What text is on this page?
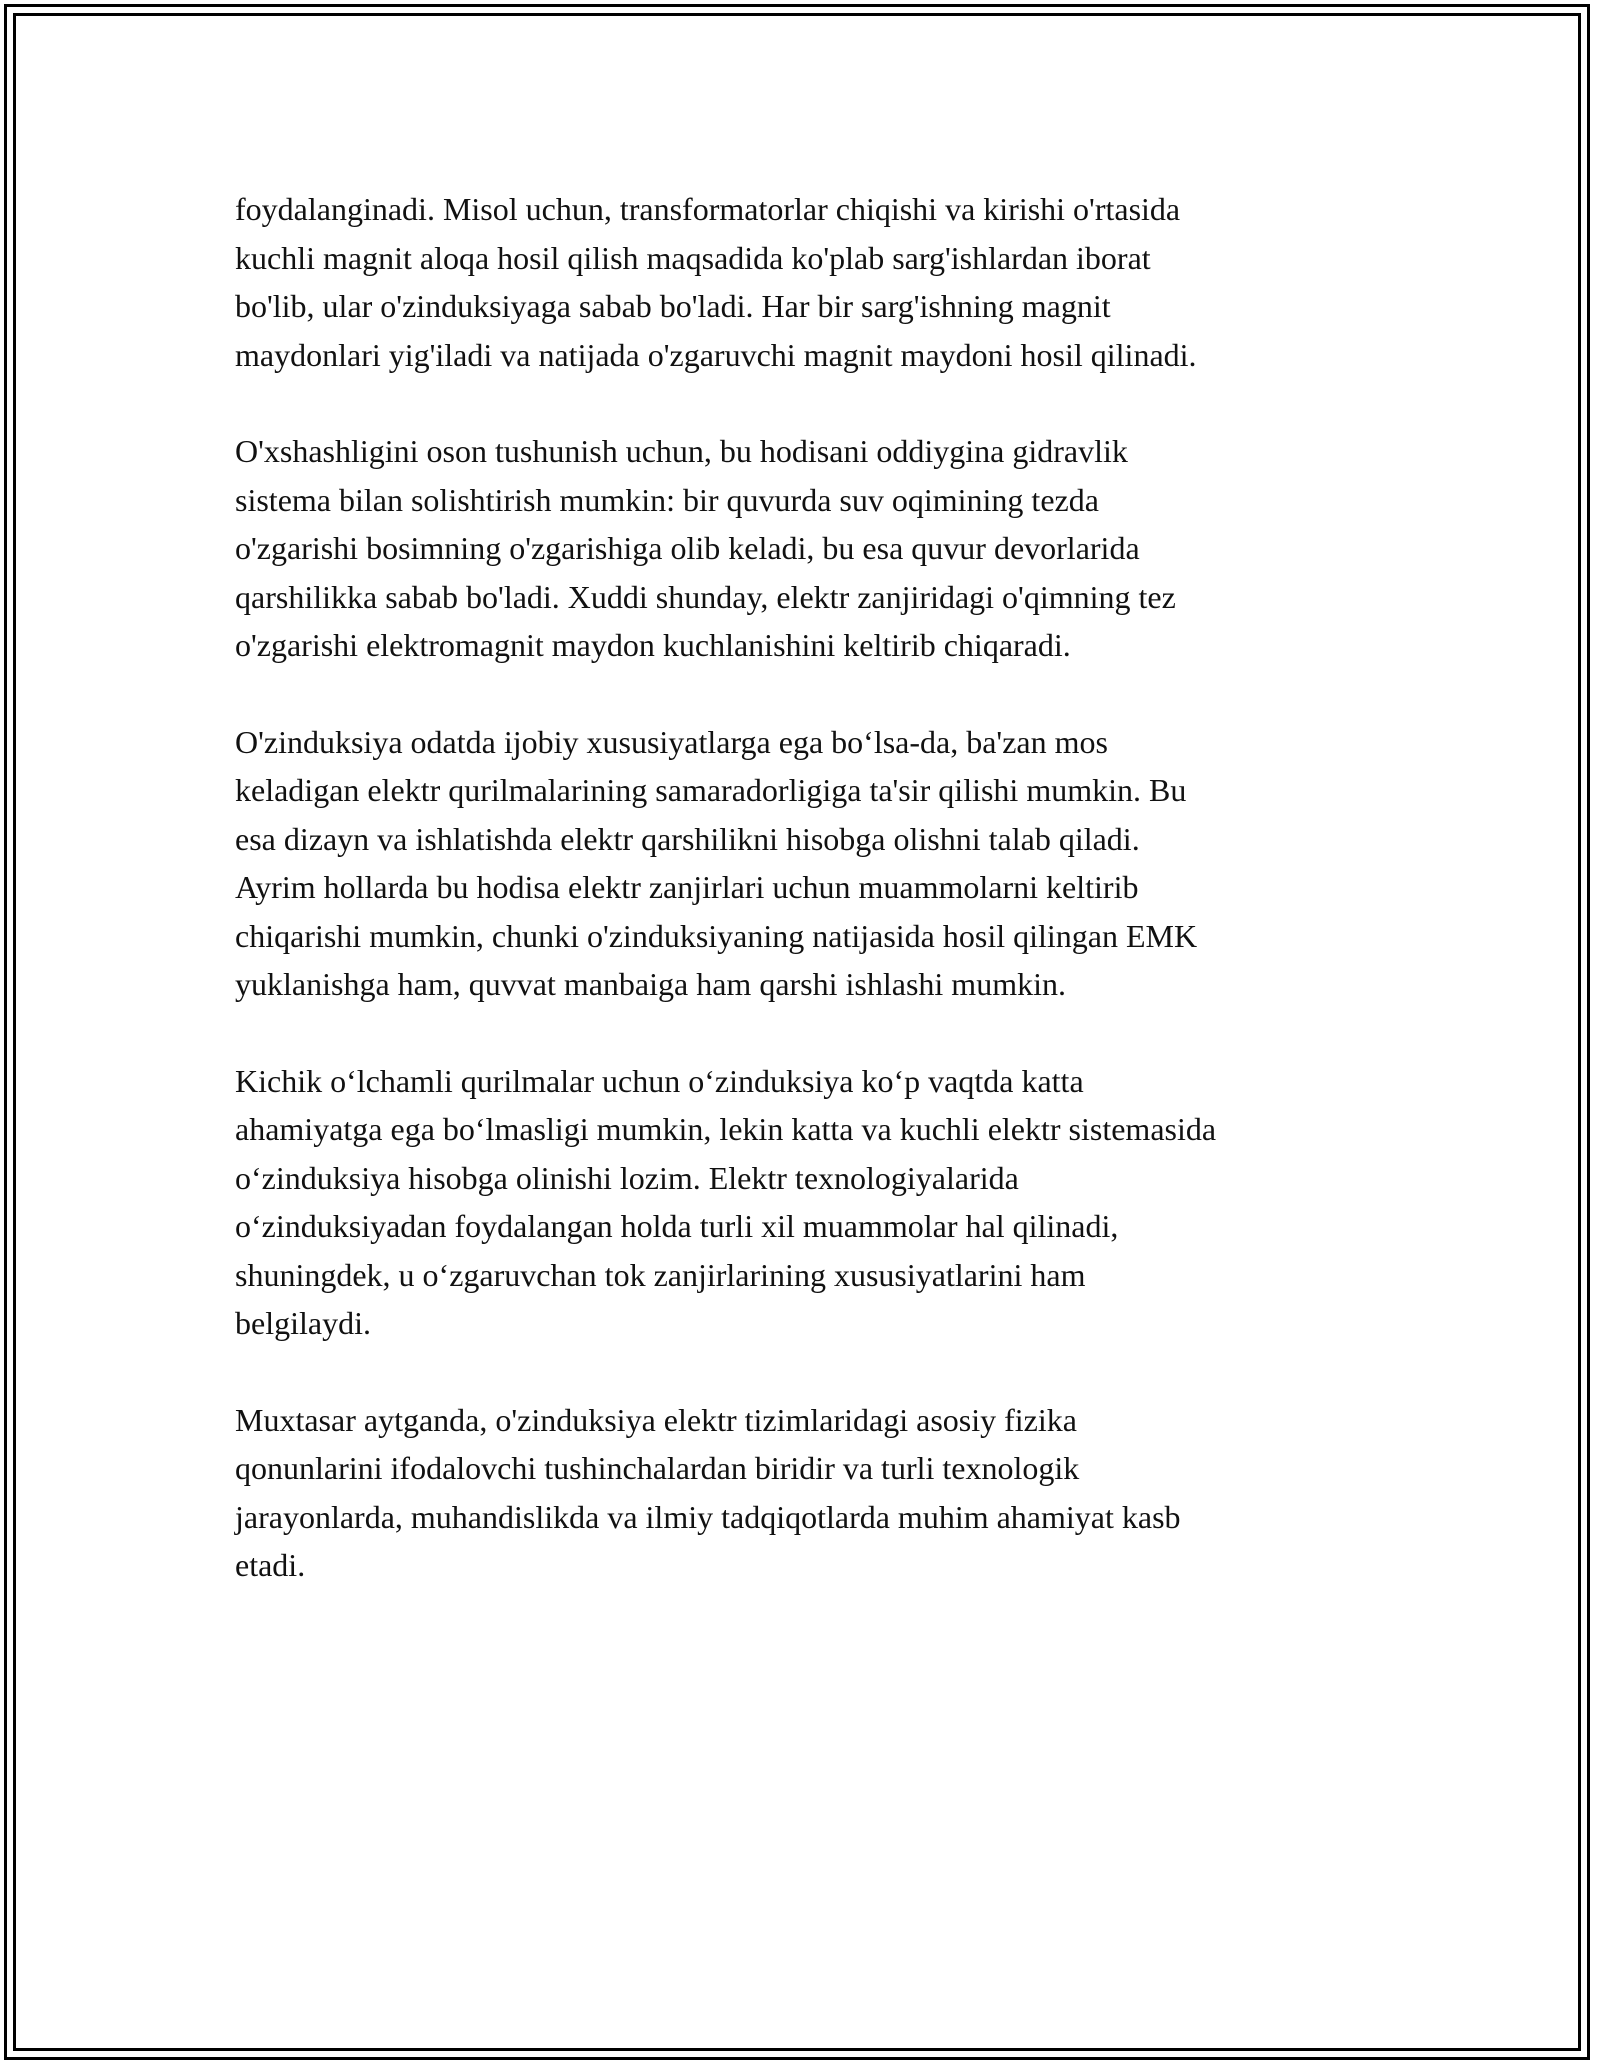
foydalanginadi. Misol uchun, transformatorlar chiqishi va kirishi o'rtasida
kuchli magnit aloqa hosil qilish maqsadida ko'plab sarg'ishlardan iborat
bo'lib, ular o'zinduksiyaga sabab bo'ladi. Har bir sarg'ishning magnit
maydonlari yig'iladi va natijada o'zgaruvchi magnit maydoni hosil qilinadi.

O'xshashligini oson tushunish uchun, bu hodisani oddiygina gidravlik
sistema bilan solishtirish mumkin: bir quvurda suv oqimining tezda
o'zgarishi bosimning o'zgarishiga olib keladi, bu esa quvur devorlarida
qarshilikka sabab bo'ladi. Xuddi shunday, elektr zanjiridagi o'qimning tez
o'zgarishi elektromagnit maydon kuchlanishini keltirib chiqaradi.

O'zinduksiya odatda ijobiy xususiyatlarga ega bo‘lsa-da, ba'zan mos
keladigan elektr qurilmalarining samaradorligiga ta'sir qilishi mumkin. Bu
esa dizayn va ishlatishda elektr qarshilikni hisobga olishni talab qiladi.
Ayrim hollarda bu hodisa elektr zanjirlari uchun muammolarni keltirib
chiqarishi mumkin, chunki o'zinduksiyaning natijasida hosil qilingan EMK
yuklanishga ham, quvvat manbaiga ham qarshi ishlashi mumkin.

Kichik o‘lchamli qurilmalar uchun o‘zinduksiya ko‘p vaqtda katta
ahamiyatga ega bo‘lmasligi mumkin, lekin katta va kuchli elektr sistemasida
o‘zinduksiya hisobga olinishi lozim. Elektr texnologiyalarida
o‘zinduksiyadan foydalangan holda turli xil muammolar hal qilinadi,
shuningdek, u o‘zgaruvchan tok zanjirlarining xususiyatlarini ham
belgilaydi.

Muxtasar aytganda, o'zinduksiya elektr tizimlaridagi asosiy fizika
qonunlarini ifodalovchi tushinchalardan biridir va turli texnologik
jarayonlarda, muhandislikda va ilmiy tadqiqotlarda muhim ahamiyat kasb
etadi.
